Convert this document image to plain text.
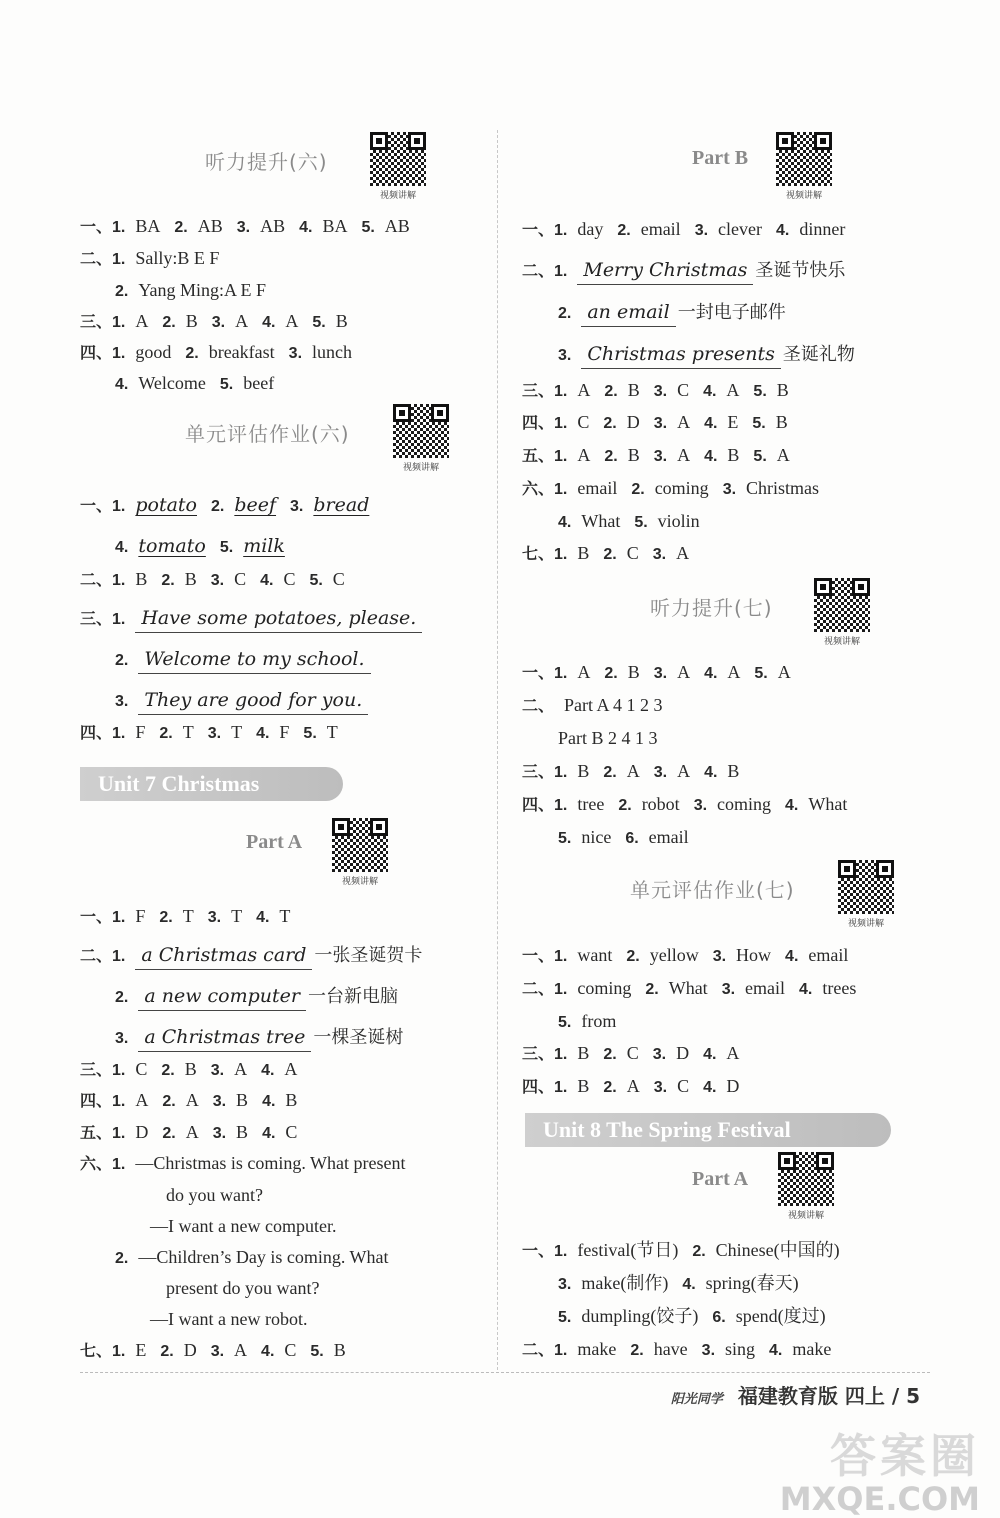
听力提升(六)
视频讲解
一、1. BA 2. AB 3. AB 4. BA 5. AB
二、1. Sally:B E F
2. Yang Ming:A E F
三、1. A 2. B 3. A 4. A 5. B
四、1. good 2. breakfast 3. lunch
4. Welcome 5. beef
单元评估作业(六)
视频讲解
一、1. potato 2. beef 3. bread
4. tomato 5. milk
二、1. B 2. B 3. C 4. C 5. C
三、1. Have some potatoes, please.
2. Welcome to my school.
3. They are good for you.
四、1. F 2. T 3. T 4. F 5. T
Unit 7 Christmas
Part A
视频讲解
一、1. F 2. T 3. T 4. T
二、1. a Christmas card 一张圣诞贺卡
2. a new computer 一台新电脑
3. a Christmas tree 一棵圣诞树
三、1. C 2. B 3. A 4. A
四、1. A 2. A 3. B 4. B
五、1. D 2. A 3. B 4. C
六、1. —Christmas is coming. What present
do you want?
—I want a new computer.
2. —Children’s Day is coming. What
present do you want?
—I want a new robot.
七、1. E 2. D 3. A 4. C 5. B
Part B
视频讲解
一、1. day 2. email 3. clever 4. dinner
二、1. Merry Christmas 圣诞节快乐
2. an email 一封电子邮件
3. Christmas presents 圣诞礼物
三、1. A 2. B 3. C 4. A 5. B
四、1. C 2. D 3. A 4. E 5. B
五、1. A 2. B 3. A 4. B 5. A
六、1. email 2. coming 3. Christmas
4. What 5. violin
七、1. B 2. C 3. A
听力提升(七)
视频讲解
一、1. A 2. B 3. A 4. A 5. A
二、 Part A 4 1 2 3
Part B 2 4 1 3
三、1. B 2. A 3. A 4. B
四、1. tree 2. robot 3. coming 4. What
5. nice 6. email
单元评估作业(七)
视频讲解
一、1. want 2. yellow 3. How 4. email
二、1. coming 2. What 3. email 4. trees
5. from
三、1. B 2. C 3. D 4. A
四、1. B 2. A 3. C 4. D
Unit 8 The Spring Festival
Part A
视频讲解
一、1. festival(节日) 2. Chinese(中国的)
3. make(制作) 4. spring(春天)
5. dumpling(饺子) 6. spend(度过)
二、1. make 2. have 3. sing 4. make
阳光同学 福建教育版 四上 / 5
答案圈
MXQE.COM
